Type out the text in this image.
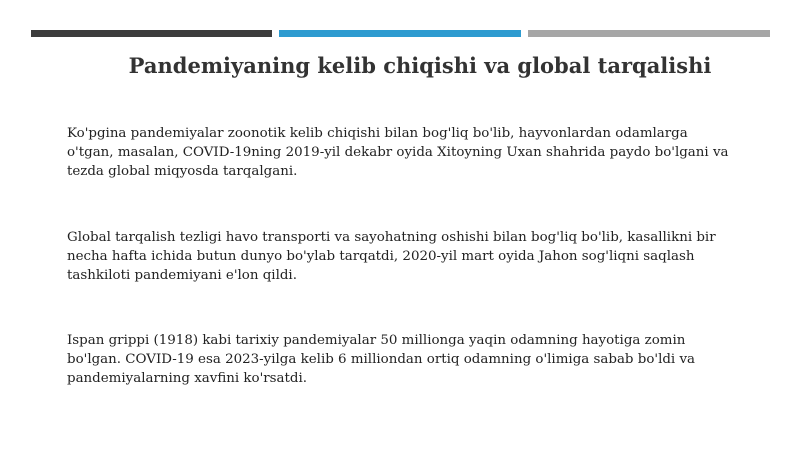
Pandemiyaning kelib chiqishi va global tarqalishi
Ko'pgina pandemiyalar zoonotik kelib chiqishi bilan bog'liq bo'lib, hayvonlardan odamlarga o'tgan, masalan, COVID-19ning 2019-yil dekabr oyida Xitoyning Uxan shahrida paydo bo'lgani va tezda global miqyosda tarqalgani.
Global tarqalish tezligi havo transporti va sayohatning oshishi bilan bog'liq bo'lib, kasallikni bir necha hafta ichida butun dunyo bo'ylab tarqatdi, 2020-yil mart oyida Jahon sog'liqni saqlash tashkiloti pandemiyani e'lon qildi.
Ispan grippi (1918) kabi tarixiy pandemiyalar 50 millionga yaqin odamning hayotiga zomin bo'lgan. COVID-19 esa 2023-yilga kelib 6 milliondan ortiq odamning o'limiga sabab bo'ldi va pandemiyalarning xavfini ko'rsatdi.
